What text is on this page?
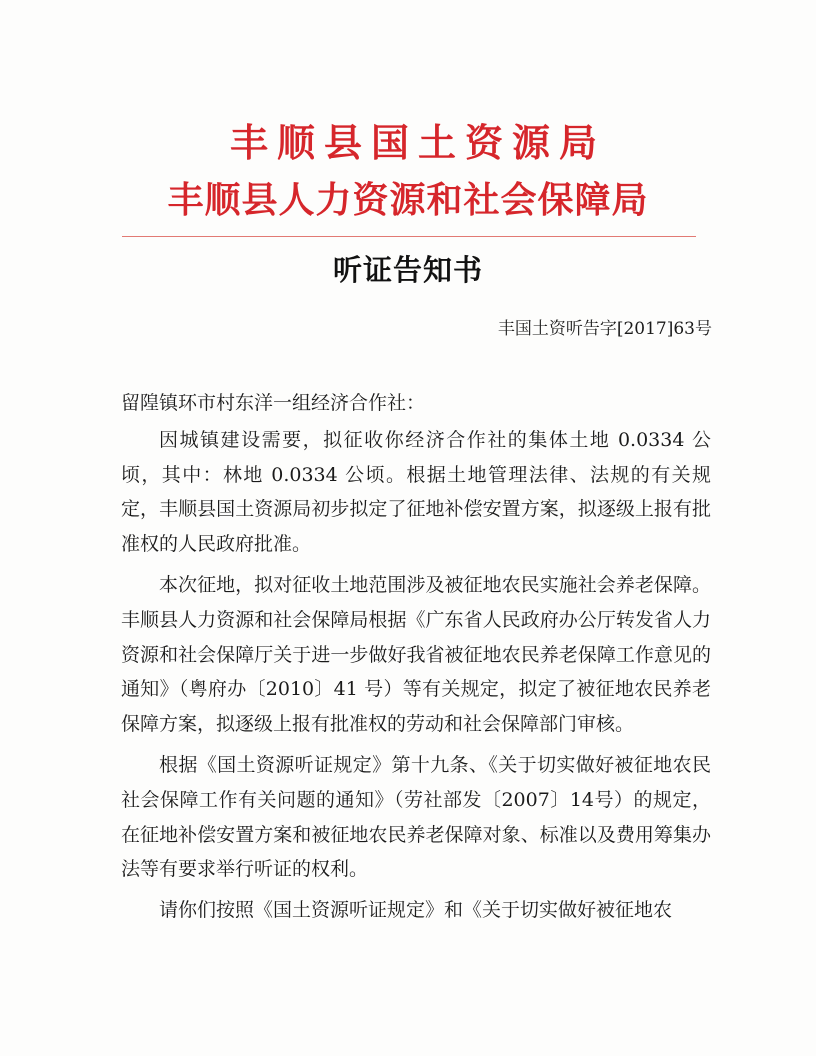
丰顺县国土资源局
丰顺县人力资源和社会保障局
听证告知书
丰国土资听告字[2017]63号

留隍镇环市村东洋一组经济合作社：

因城镇建设需要，拟征收你经济合作社的集体土地 0.0334 公顷，其中：林地 0.0334 公顷。根据土地管理法律、法规的有关规定，丰顺县国土资源局初步拟定了征地补偿安置方案，拟逐级上报有批准权的人民政府批准。

本次征地，拟对征收土地范围涉及被征地农民实施社会养老保障。丰顺县人力资源和社会保障局根据《广东省人民政府办公厅转发省人力资源和社会保障厅关于进一步做好我省被征地农民养老保障工作意见的通知》（粤府办〔2010〕41 号）等有关规定，拟定了被征地农民养老保障方案，拟逐级上报有批准权的劳动和社会保障部门审核。

根据《国土资源听证规定》第十九条、《关于切实做好被征地农民社会保障工作有关问题的通知》（劳社部发〔2007〕14号）的规定，在征地补偿安置方案和被征地农民养老保障对象、标准以及费用筹集办法等有要求举行听证的权利。

请你们按照《国土资源听证规定》和《关于切实做好被征地农
